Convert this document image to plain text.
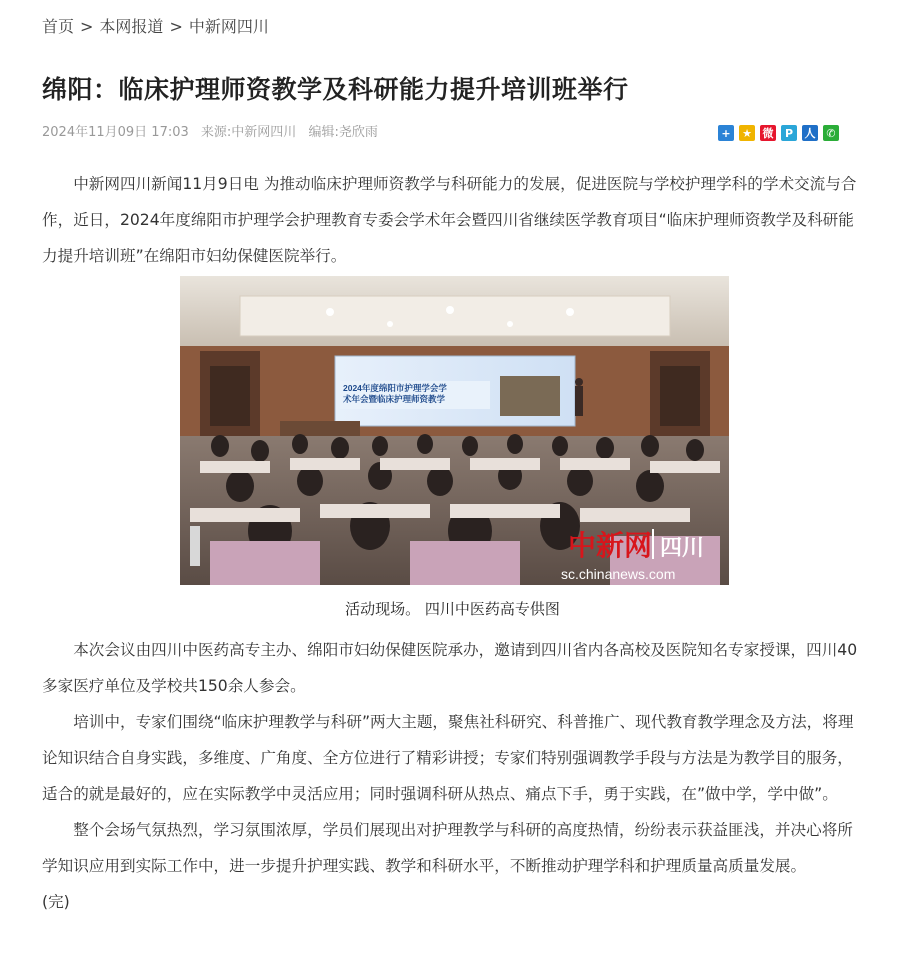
首页 > 本网报道 > 中新网四川
绵阳：临床护理师资教学及科研能力提升培训班举行
2024年11月09日 17:03 来源:中新网四川 编辑:尧欣雨	+	★ 微	P	人 ✆

中新网四川新闻11月9日电 为推动临床护理师资教学与科研能力的发展，促进医院与学校护理学科的学术交流与合作，近日，2024年度绵阳市护理学会护理教育专委会学术年会暨四川省继续医学教育项目“临床护理师资教学及科研能力提升培训班”在绵阳市妇幼保健医院举行。

2024年度绵阳市护理学会学
术年会暨临床护理师资教学
中新网 四川
sc.chinanews.com
活动现场。 四川中医药高专供图

本次会议由四川中医药高专主办、绵阳市妇幼保健医院承办，邀请到四川省内各高校及医院知名专家授课，四川40多家医疗单位及学校共150余人参会。

培训中，专家们围绕“临床护理教学与科研”两大主题，聚焦社科研究、科普推广、现代教育教学理念及方法，将理论知识结合自身实践，多维度、广角度、全方位进行了精彩讲授；专家们特别强调教学手段与方法是为教学目的服务，适合的就是最好的，应在实际教学中灵活应用；同时强调科研从热点、痛点下手，勇于实践，在”做中学，学中做”。

整个会场气氛热烈，学习氛围浓厚，学员们展现出对护理教学与科研的高度热情，纷纷表示获益匪浅，并决心将所学知识应用到实际工作中，进一步提升护理实践、教学和科研水平，不断推动护理学科和护理质量高质量发展。

(完)
